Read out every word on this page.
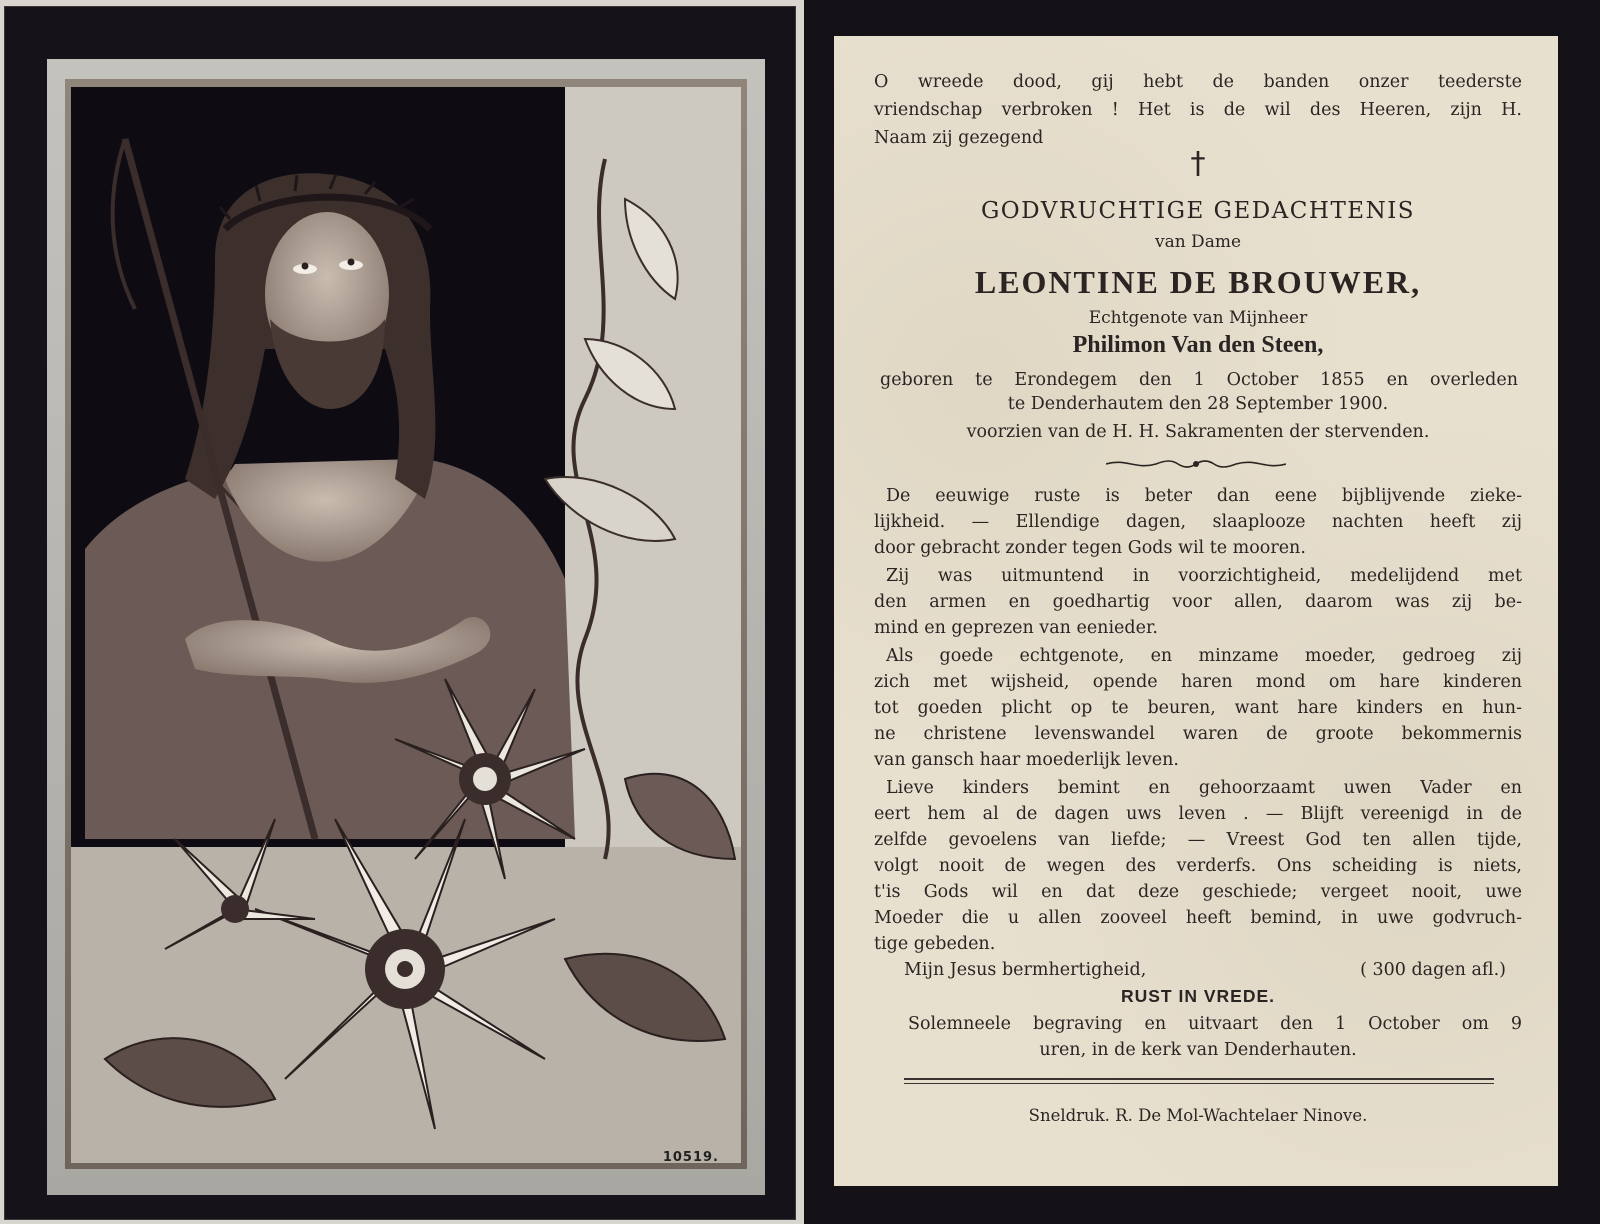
10519.
O wreede dood, gij hebt de banden onzer teederste
vriendschap verbroken ! Het is de wil des Heeren, zijn H.
Naam zij gezegend
†
GODVRUCHTIGE GEDACHTENIS
van Dame
LEONTINE DE BROUWER,
Echtgenote van Mijnheer
Philimon Van den Steen,
geboren te Erondegem den 1 October 1855 en overleden
te Denderhautem den 28 September 1900.
voorzien van de H. H. Sakramenten der stervenden.
De eeuwige ruste is beter dan eene bijblijvende zieke-
lijkheid. — Ellendige dagen, slaaplooze nachten heeft zij
door gebracht zonder tegen Gods wil te mooren.
Zij was uitmuntend in voorzichtigheid, medelijdend met
den armen en goedhartig voor allen, daarom was zij be-
mind en geprezen van eenieder.
Als goede echtgenote, en minzame moeder, gedroeg zij
zich met wijsheid, opende haren mond om hare kinderen
tot goeden plicht op te beuren, want hare kinders en hun-
ne christene levenswandel waren de groote bekommernis
van gansch haar moederlijk leven.
Lieve kinders bemint en gehoorzaamt uwen Vader en
eert hem al de dagen uws leven . — Blijft vereenigd in de
zelfde gevoelens van liefde; — Vreest God ten allen tijde,
volgt nooit de wegen des verderfs. Ons scheiding is niets,
t'is Gods wil en dat deze geschiede; vergeet nooit, uwe
Moeder die u allen zooveel heeft bemind, in uwe godvruch-
tige gebeden.
Mijn Jesus bermhertigheid,	( 300 dagen afl.)
RUST IN VREDE.
Solemneele begraving en uitvaart den 1 October om 9
uren, in de kerk van Denderhauten.
Sneldruk. R. De Mol-Wachtelaer Ninove.
